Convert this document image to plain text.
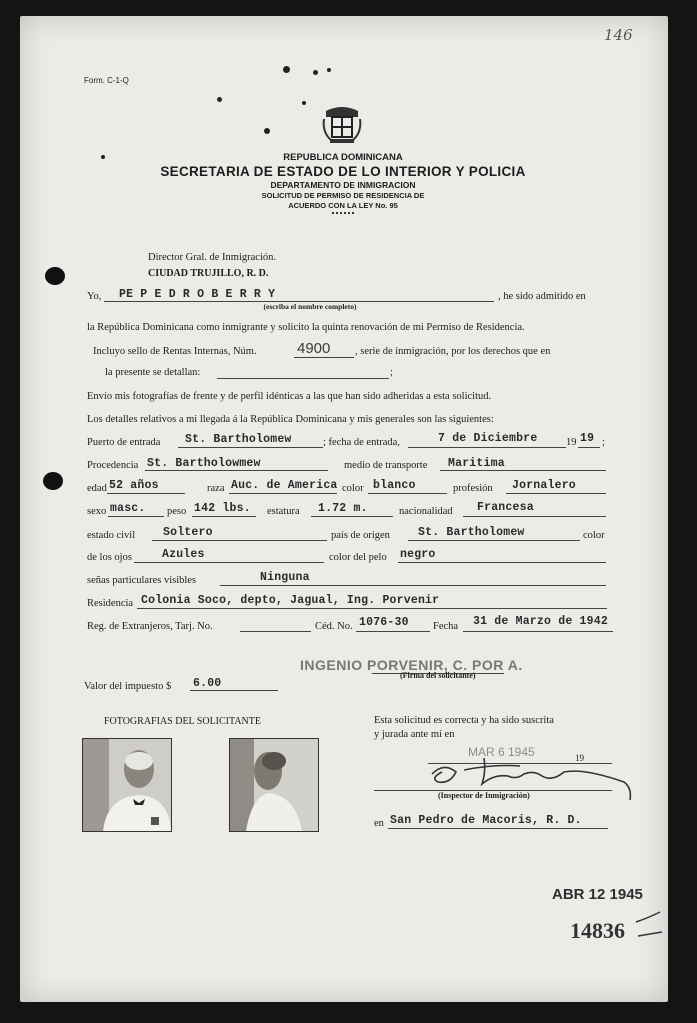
146
Form. C-1-Q
REPUBLICA DOMINICANA
SECRETARIA DE ESTADO DE LO INTERIOR Y POLICIA
DEPARTAMENTO DE INMIGRACION
SOLICITUD DE PERMISO DE RESIDENCIA DE
ACUERDO CON LA LEY No. 95
Director Gral. de Inmigración.
CIUDAD TRUJILLO, R. D.
Yo, PE P E D R O B E R R Y
(escriba el nombre completo)
, he sido admitido en
la República Dominicana como inmigrante y solicito la quinta renovación de mi Permiso de Residencia.
Incluyo sello de Rentas Internas, Núm.	4900 , serie de inmigración, por los derechos que en
la presente se detallan:	;
Envío mis fotografías de frente y de perfil idénticas a las que han sido adheridas a esta solicitud.
Los detalles relativos a mi llegada á la República Dominicana y mis generales son las siguientes:
Puerto de entrada St. Bartholomew	; fecha de entrada,	7 de Diciembre	19 19 ;
Procedencia St. Bartholowmew	medio de transporte Maritima
edad 52 años	raza Auc. de America color blanco	profesión Jornalero
sexo masc. peso 142 lbs. estatura 1.72 m.	nacionalidad Francesa
estado civil Soltero	país de origen St. Bartholomew	color
de los ojos	Azules	color del pelo negro
señas particulares visibles	Ninguna
Residencia Colonia Soco, depto, Jagual, Ing. Porvenir
Reg. de Extranjeros, Tarj. No.	Céd. No. 1076-30 Fecha 31 de Marzo de 1942
INGENIO PORVENIR, C. POR A.
(Firma del solicitante)
Valor del impuesto $ 6.00
FOTOGRAFIAS DEL SOLICITANTE	Esta solicitud es correcta y ha sido suscrita
y jurada ante mí en
MAR 6 1945	19
(Inspector de Inmigración)
en San Pedro de Macoris, R. D.
ABR 12 1945
14836
